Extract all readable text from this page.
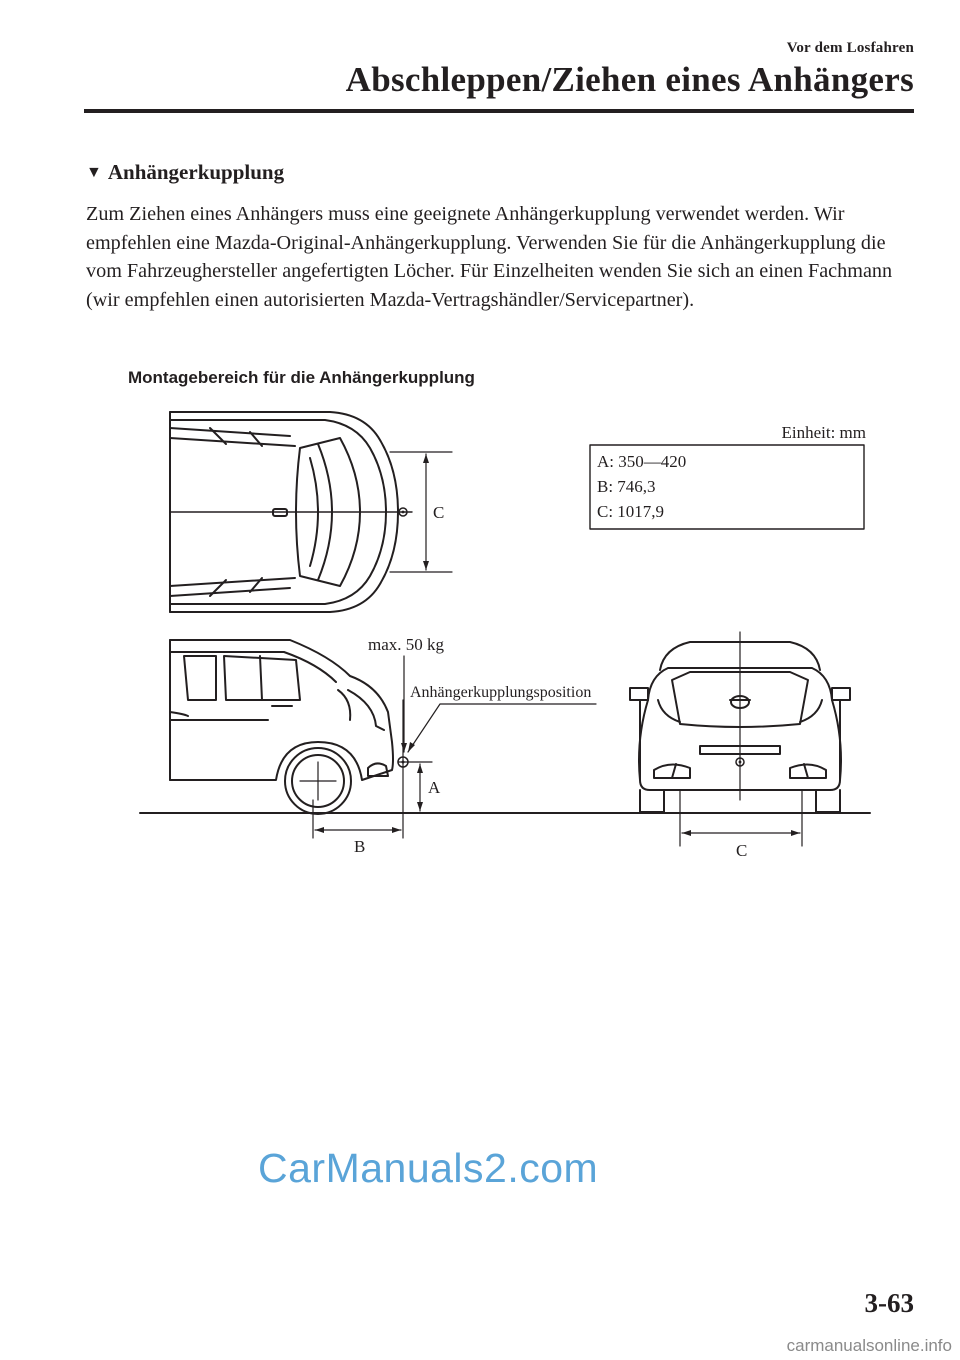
Vor dem Losfahren
Abschleppen/Ziehen eines Anhängers
▼ Anhängerkupplung
Zum Ziehen eines Anhängers muss eine geeignete Anhängerkupplung verwendet werden. Wir empfehlen eine Mazda-Original-Anhängerkupplung. Verwenden Sie für die Anhängerkupplung die vom Fahrzeughersteller angefertigten Löcher. Für Einzelheiten wenden Sie sich an einen Fachmann (wir empfehlen einen autorisierten Mazda-Vertragshändler/Servicepartner).
Montagebereich für die Anhängerkupplung
Einheit: mm
A: 350—420
B: 746,3
C: 1017,9
C
max. 50 kg
Anhängerkupplungsposition
A
B	C
CarManuals2.com
3-63
carmanualsonline.info
